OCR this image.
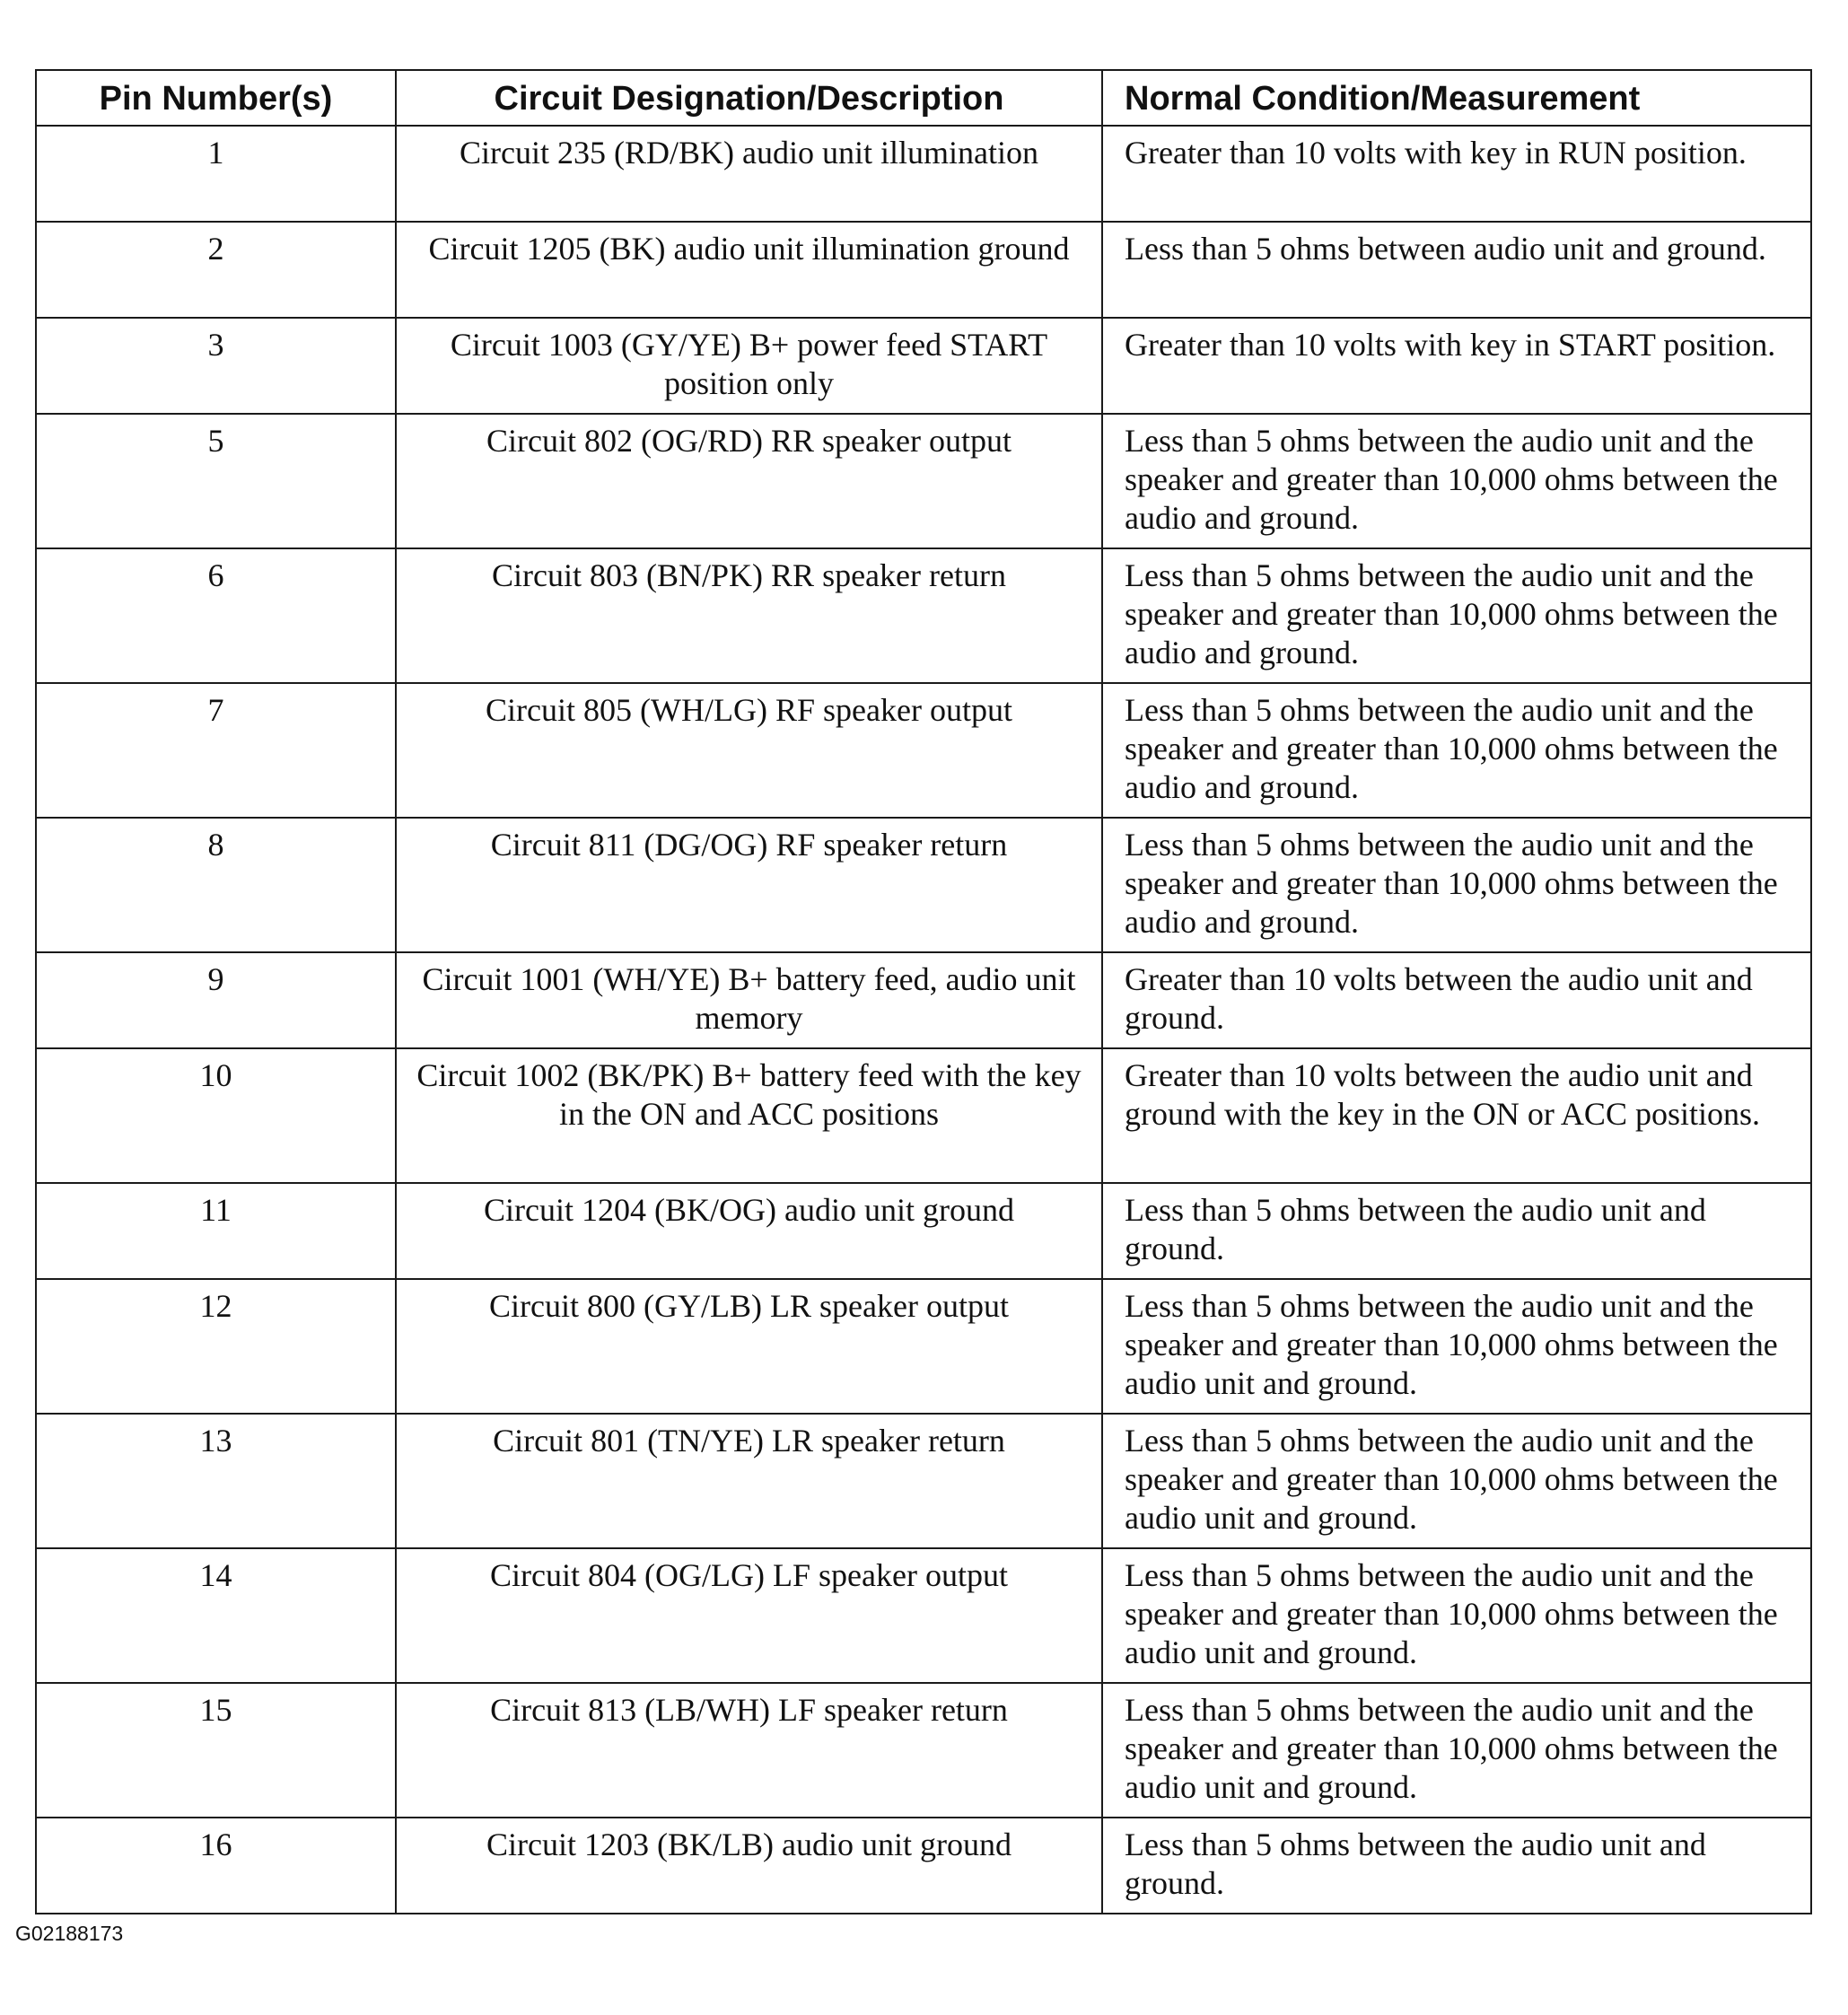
Pin Number(s)	Circuit Designation/Description	Normal Condition/Measurement
1	Circuit 235 (RD/BK) audio unit illumination	Greater than 10 volts with key in RUN position.
2	Circuit 1205 (BK) audio unit illumination ground	Less than 5 ohms between audio unit and ground.
3	Circuit 1003 (GY/YE) B+ power feed START position only	Greater than 10 volts with key in START position.
5	Circuit 802 (OG/RD) RR speaker output	Less than 5 ohms between the audio unit and the speaker and greater than 10,000 ohms between the audio and ground.
6	Circuit 803 (BN/PK) RR speaker return	Less than 5 ohms between the audio unit and the speaker and greater than 10,000 ohms between the audio and ground.
7	Circuit 805 (WH/LG) RF speaker output	Less than 5 ohms between the audio unit and the speaker and greater than 10,000 ohms between the audio and ground.
8	Circuit 811 (DG/OG) RF speaker return	Less than 5 ohms between the audio unit and the speaker and greater than 10,000 ohms between the audio and ground.
9	Circuit 1001 (WH/YE) B+ battery feed, audio unit memory	Greater than 10 volts between the audio unit and ground.
10	Circuit 1002 (BK/PK) B+ battery feed with the key in the ON and ACC positions	Greater than 10 volts between the audio unit and ground with the key in the ON or ACC positions.
11	Circuit 1204 (BK/OG) audio unit ground	Less than 5 ohms between the audio unit and ground.
12	Circuit 800 (GY/LB) LR speaker output	Less than 5 ohms between the audio unit and the speaker and greater than 10,000 ohms between the audio unit and ground.
13	Circuit 801 (TN/YE) LR speaker return	Less than 5 ohms between the audio unit and the speaker and greater than 10,000 ohms between the audio unit and ground.
14	Circuit 804 (OG/LG) LF speaker output	Less than 5 ohms between the audio unit and the speaker and greater than 10,000 ohms between the audio unit and ground.
15	Circuit 813 (LB/WH) LF speaker return	Less than 5 ohms between the audio unit and the speaker and greater than 10,000 ohms between the audio unit and ground.
16	Circuit 1203 (BK/LB) audio unit ground	Less than 5 ohms between the audio unit and ground.
G02188173
